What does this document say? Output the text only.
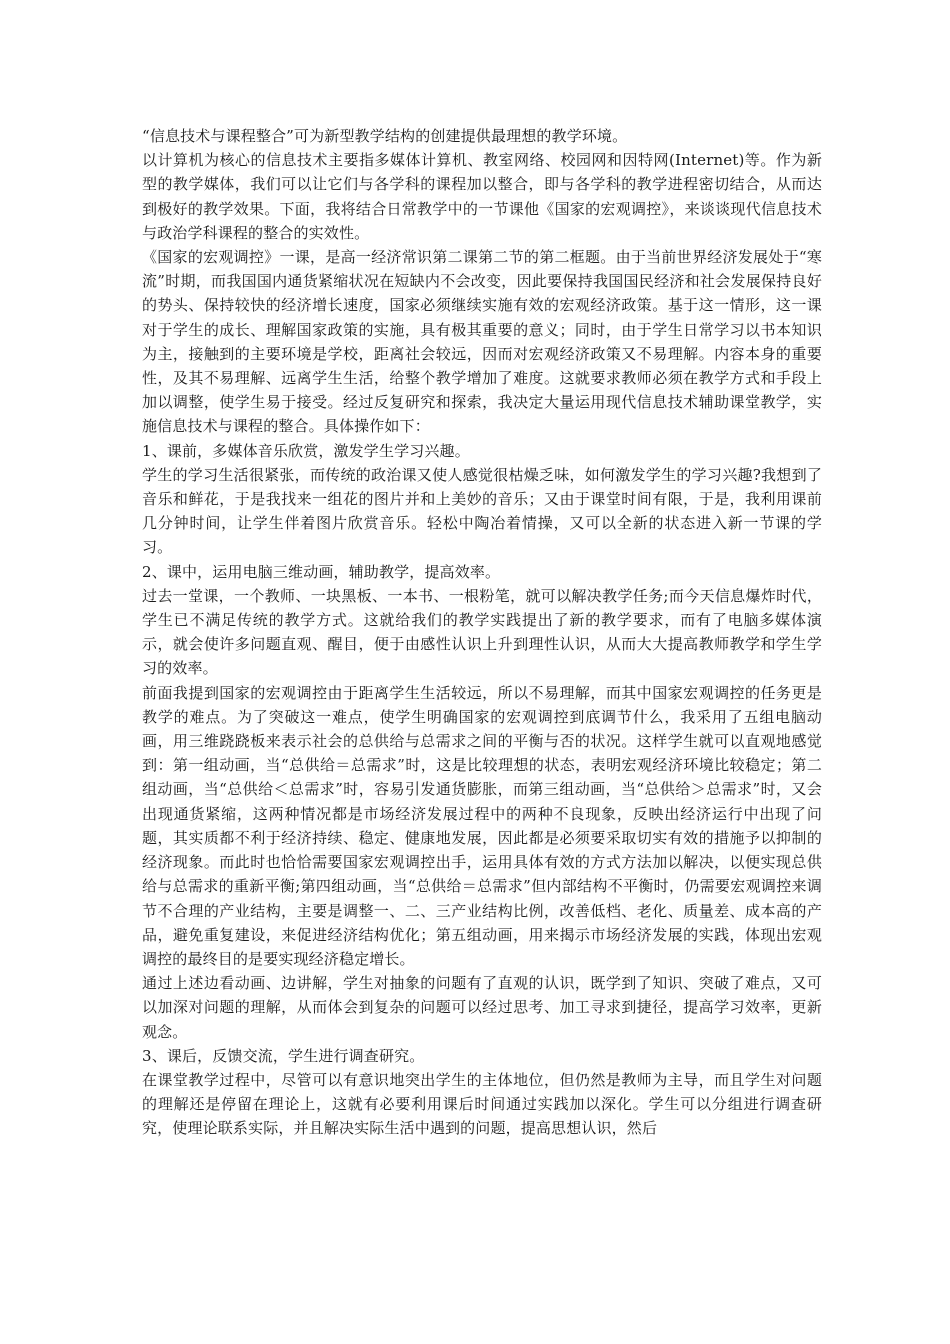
“信息技术与课程整合”可为新型教学结构的创建提供最理想的教学环境。

以计算机为核心的信息技术主要指多媒体计算机、教室网络、校园网和因特网(Internet)等。作为新型的教学媒体，我们可以让它们与各学科的课程加以整合，即与各学科的教学进程密切结合，从而达到极好的教学效果。下面，我将结合日常教学中的一节课他《国家的宏观调控》，来谈谈现代信息技术与政治学科课程的整合的实效性。

《国家的宏观调控》一课，是高一经济常识第二课第二节的第二框题。由于当前世界经济发展处于“寒流”时期，而我国国内通货紧缩状况在短缺内不会改变，因此要保持我国国民经济和社会发展保持良好的势头、保持较快的经济增长速度，国家必须继续实施有效的宏观经济政策。基于这一情形，这一课对于学生的成长、理解国家政策的实施，具有极其重要的意义；同时，由于学生日常学习以书本知识为主，接触到的主要环境是学校，距离社会较远，因而对宏观经济政策又不易理解。内容本身的重要性，及其不易理解、远离学生生活，给整个教学增加了难度。这就要求教师必须在教学方式和手段上加以调整，使学生易于接受。经过反复研究和探索，我决定大量运用现代信息技术辅助课堂教学，实施信息技术与课程的整合。具体操作如下：

1、课前，多媒体音乐欣赏，激发学生学习兴趣。

学生的学习生活很紧张，而传统的政治课又使人感觉很枯燥乏味，如何激发学生的学习兴趣?我想到了音乐和鲜花，于是我找来一组花的图片并和上美妙的音乐；又由于课堂时间有限，于是，我利用课前几分钟时间，让学生伴着图片欣赏音乐。轻松中陶冶着情操，又可以全新的状态进入新一节课的学习。

2、课中，运用电脑三维动画，辅助教学，提高效率。

过去一堂课，一个教师、一块黑板、一本书、一根粉笔，就可以解决教学任务;而今天信息爆炸时代，学生已不满足传统的教学方式。这就给我们的教学实践提出了新的教学要求，而有了电脑多媒体演示，就会使许多问题直观、醒目，便于由感性认识上升到理性认识，从而大大提高教师教学和学生学习的效率。

前面我提到国家的宏观调控由于距离学生生活较远，所以不易理解，而其中国家宏观调控的任务更是教学的难点。为了突破这一难点，使学生明确国家的宏观调控到底调节什么，我采用了五组电脑动画，用三维跷跷板来表示社会的总供给与总需求之间的平衡与否的状况。这样学生就可以直观地感觉到：第一组动画，当“总供给＝总需求”时，这是比较理想的状态，表明宏观经济环境比较稳定；第二组动画，当“总供给＜总需求”时，容易引发通货膨胀，而第三组动画，当“总供给＞总需求”时，又会出现通货紧缩，这两种情况都是市场经济发展过程中的两种不良现象，反映出经济运行中出现了问题，其实质都不利于经济持续、稳定、健康地发展，因此都是必须要采取切实有效的措施予以抑制的经济现象。而此时也恰恰需要国家宏观调控出手，运用具体有效的方式方法加以解决，以便实现总供给与总需求的重新平衡;第四组动画，当“总供给＝总需求”但内部结构不平衡时，仍需要宏观调控来调节不合理的产业结构，主要是调整一、二、三产业结构比例，改善低档、老化、质量差、成本高的产品，避免重复建设，来促进经济结构优化；第五组动画，用来揭示市场经济发展的实践，体现出宏观调控的最终目的是要实现经济稳定增长。

通过上述边看动画、边讲解，学生对抽象的问题有了直观的认识，既学到了知识、突破了难点，又可以加深对问题的理解，从而体会到复杂的问题可以经过思考、加工寻求到捷径，提高学习效率，更新观念。

3、课后，反馈交流，学生进行调查研究。

在课堂教学过程中，尽管可以有意识地突出学生的主体地位，但仍然是教师为主导，而且学生对问题的理解还是停留在理论上，这就有必要利用课后时间通过实践加以深化。学生可以分组进行调查研究，使理论联系实际，并且解决实际生活中遇到的问题，提高思想认识，然后
